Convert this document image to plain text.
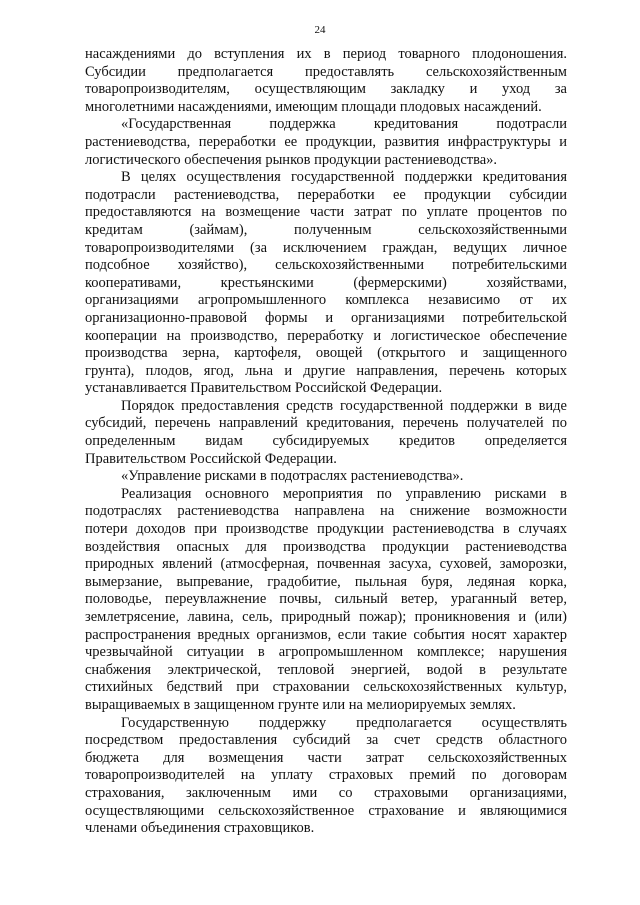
24
насаждениями до вступления их в период товарного плодоношения.
Субсидии предполагается предоставлять сельскохозяйственным
товаропроизводителям, осуществляющим закладку и уход за
многолетними насаждениями, имеющим площади плодовых насаждений.
«Государственная поддержка кредитования подотрасли
растениеводства, переработки ее продукции, развития инфраструктуры и
логистического обеспечения рынков продукции растениеводства».
В целях осуществления государственной поддержки кредитования
подотрасли растениеводства, переработки ее продукции субсидии
предоставляются на возмещение части затрат по уплате процентов по
кредитам (займам), полученным сельскохозяйственными
товаропроизводителями (за исключением граждан, ведущих личное
подсобное хозяйство), сельскохозяйственными потребительскими
кооперативами, крестьянскими (фермерскими) хозяйствами,
организациями агропромышленного комплекса независимо от их
организационно-правовой формы и организациями потребительской
кооперации на производство, переработку и логистическое обеспечение
производства зерна, картофеля, овощей (открытого и защищенного
грунта), плодов, ягод, льна и другие направления, перечень которых
устанавливается Правительством Российской Федерации.
Порядок предоставления средств государственной поддержки в виде
субсидий, перечень направлений кредитования, перечень получателей по
определенным видам субсидируемых кредитов определяется
Правительством Российской Федерации.
«Управление рисками в подотраслях растениеводства».
Реализация основного мероприятия по управлению рисками в
подотраслях растениеводства направлена на снижение возможности
потери доходов при производстве продукции растениеводства в случаях
воздействия опасных для производства продукции растениеводства
природных явлений (атмосферная, почвенная засуха, суховей, заморозки,
вымерзание, выпревание, градобитие, пыльная буря, ледяная корка,
половодье, переувлажнение почвы, сильный ветер, ураганный ветер,
землетрясение, лавина, сель, природный пожар); проникновения и (или)
распространения вредных организмов, если такие события носят характер
чрезвычайной ситуации в агропромышленном комплексе; нарушения
снабжения электрической, тепловой энергией, водой в результате
стихийных бедствий при страховании сельскохозяйственных культур,
выращиваемых в защищенном грунте или на мелиорируемых землях.
Государственную поддержку предполагается осуществлять
посредством предоставления субсидий за счет средств областного
бюджета для возмещения части затрат сельскохозяйственных
товаропроизводителей на уплату страховых премий по договорам
страхования, заключенным ими со страховыми организациями,
осуществляющими сельскохозяйственное страхование и являющимися
членами объединения страховщиков.
